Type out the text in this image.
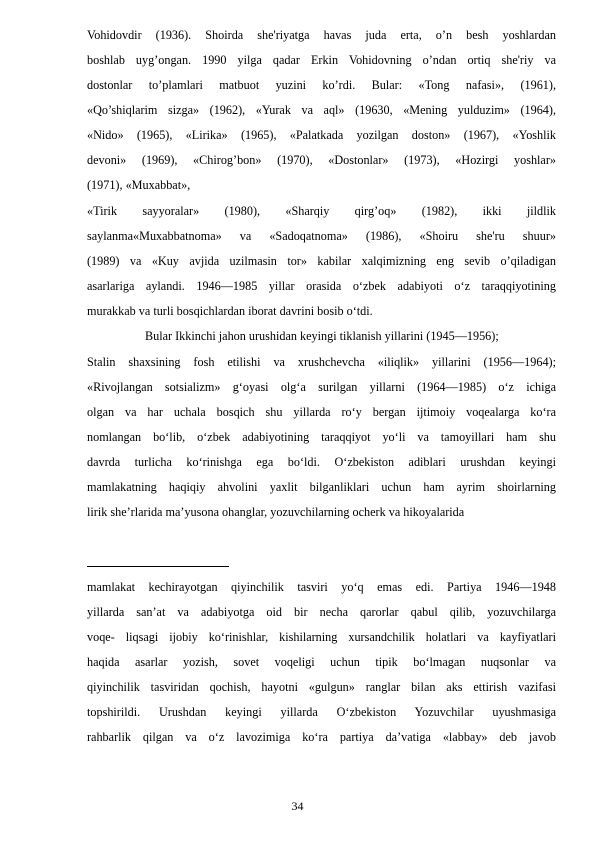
Vohidovdir (1936). Shoirda she'riyatga havas juda erta, o’n besh yoshlardan
boshlab uyg’ongan. 1990 yilga qadar Erkin Vohidovning o’ndan ortiq she'riy va
dostonlar to’plamlari matbuot yuzini ko’rdi. Bular: «Tong nafasi», (1961),
«Qo’shiqlarim sizga» (1962), «Yurak va aql» (19630, «Mening yulduzim» (1964),
«Nido» (1965), «Lirika» (1965), «Palatkada yozilgan doston» (1967), «Yoshlik
devoni» (1969), «Chirog’bon» (1970), «Dostonlar» (1973), «Hozirgi yoshlar»
(1971), «Muxabbat»,
«Tirik sayyoralar» (1980), «Sharqiy qirg’oq» (1982), ikki jildlik
saylanma«Muxabbatnoma» va «Sadoqatnoma» (1986), «Shoiru she'ru shuur»
(1989) va «Kuy avjida uzilmasin tor» kabilar xalqimizning eng sevib o’qiladigan
asarlariga aylandi. 1946—1985 yillar orasida o‘zbek adabiyoti o‘z taraqqiyotining
murakkab va turli bosqichlardan iborat davrini bosib o‘tdi.
Bular Ikkinchi jahon urushidan keyingi tiklanish yillarini (1945—1956);
Stalin shaxsining fosh etilishi va xrushchevcha «iliqlik» yillarini (1956—1964);
«Rivojlangan sotsializm» g‘oyasi olg‘a surilgan yillarni (1964—1985) o‘z ichiga
olgan va har uchala bosqich shu yillarda ro‘y bergan ijtimoiy voqealarga ko‘ra
nomlangan bo‘lib, o‘zbek adabiyotining taraqqiyot yo‘li va tamoyillari ham shu
davrda turlicha ko‘rinishga ega bo‘ldi. O‘zbekiston adiblari urushdan keyingi
mamlakatning haqiqiy ahvolini yaxlit bilganliklari uchun ham ayrim shoirlarning
lirik she’rlarida ma’yusona ohanglar, yozuvchilarning ocherk va hikoyalarida
mamlakat kechirayotgan qiyinchilik tasviri yo‘q emas edi. Partiya 1946—1948
yillarda san’at va adabiyotga oid bir necha qarorlar qabul qilib, yozuvchilarga
voqe- liqsagi ijobiy ko‘rinishlar, kishilarning xursandchilik holatlari va kayfiyatlari
haqida asarlar yozish, sovet voqeligi uchun tipik bo‘lmagan nuqsonlar va
qiyinchilik tasviridan qochish, hayotni «gulgun» ranglar bilan aks ettirish vazifasi
topshirildi. Urushdan keyingi yillarda O‘zbekiston Yozuvchilar uyushmasiga
rahbarlik qilgan va o‘z lavozimiga ko‘ra partiya da’vatiga «labbay» deb javob
34
